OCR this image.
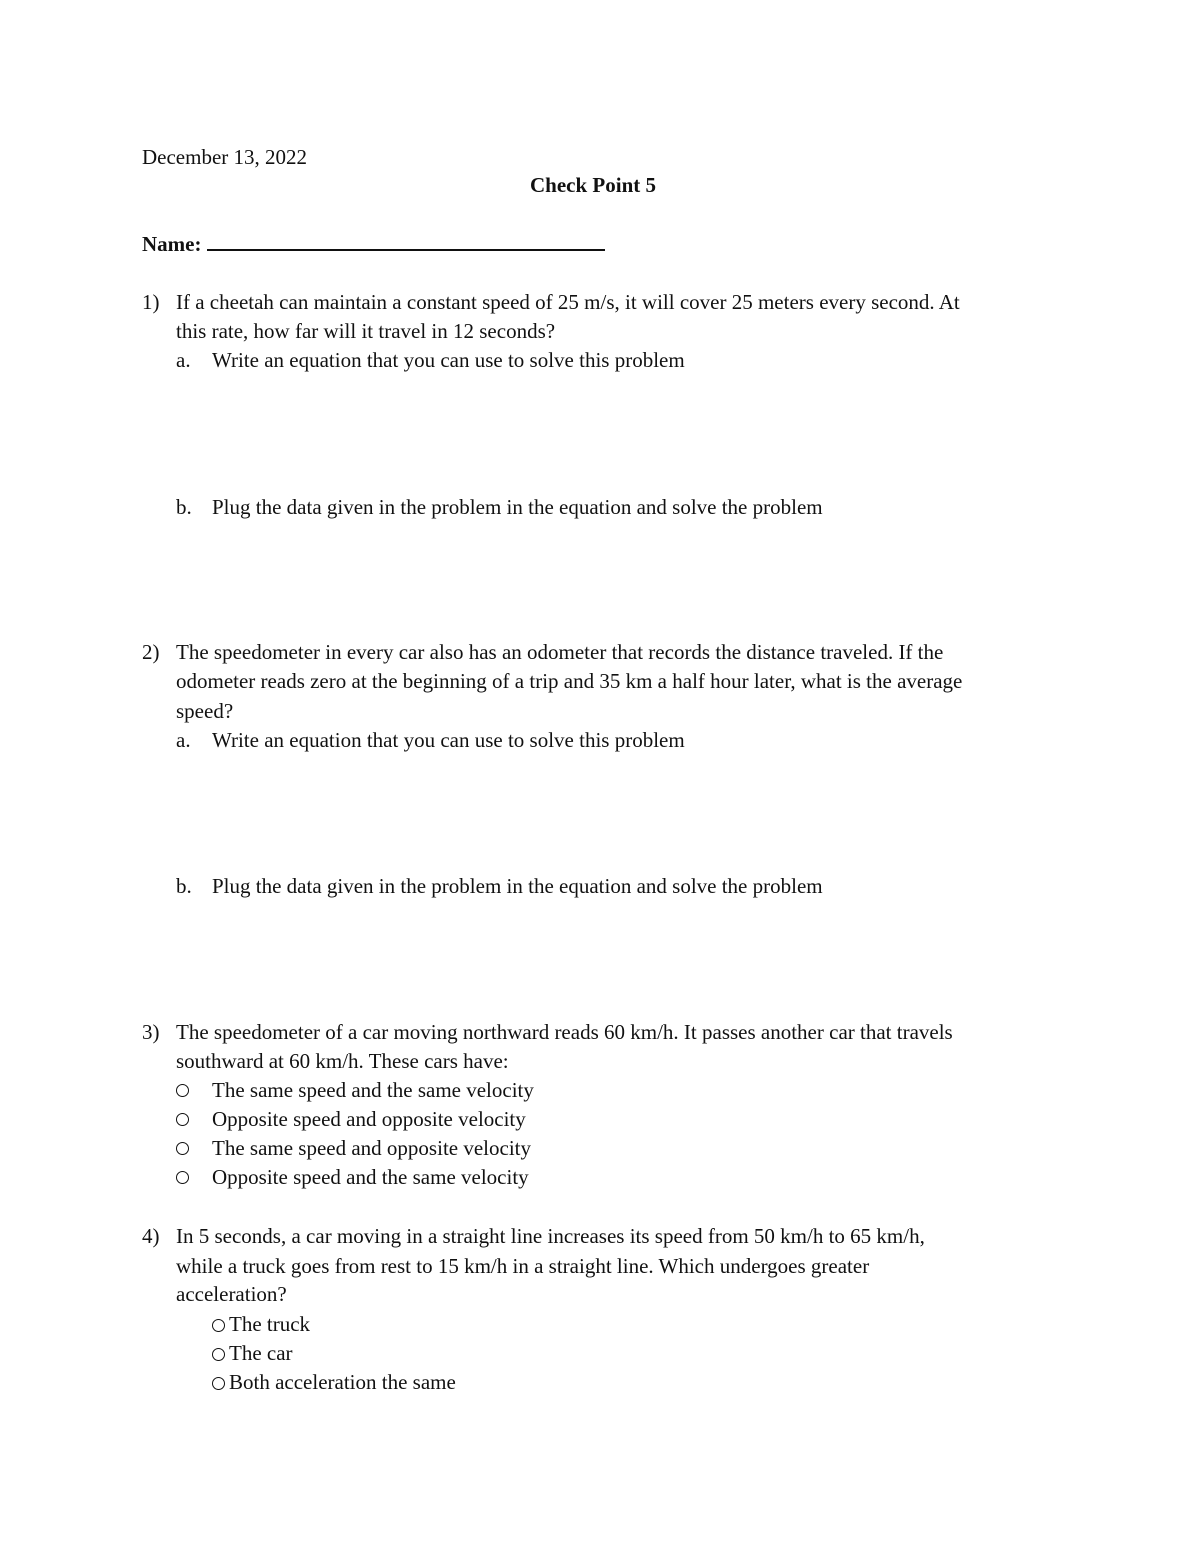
December 13, 2022
Check Point 5
Name:
1) If a cheetah can maintain a constant speed of 25 m/s, it will cover 25 meters every second. At
this rate, how far will it travel in 12 seconds?
a. Write an equation that you can use to solve this problem
b. Plug the data given in the problem in the equation and solve the problem
2) The speedometer in every car also has an odometer that records the distance traveled. If the
odometer reads zero at the beginning of a trip and 35 km a half hour later, what is the average
speed?
a. Write an equation that you can use to solve this problem
b. Plug the data given in the problem in the equation and solve the problem
3) The speedometer of a car moving northward reads 60 km/h. It passes another car that travels
southward at 60 km/h. These cars have:
The same speed and the same velocity
Opposite speed and opposite velocity
The same speed and opposite velocity
Opposite speed and the same velocity
4) In 5 seconds, a car moving in a straight line increases its speed from 50 km/h to 65 km/h,
while a truck goes from rest to 15 km/h in a straight line. Which undergoes greater
acceleration?
The truck
The car
Both acceleration the same
